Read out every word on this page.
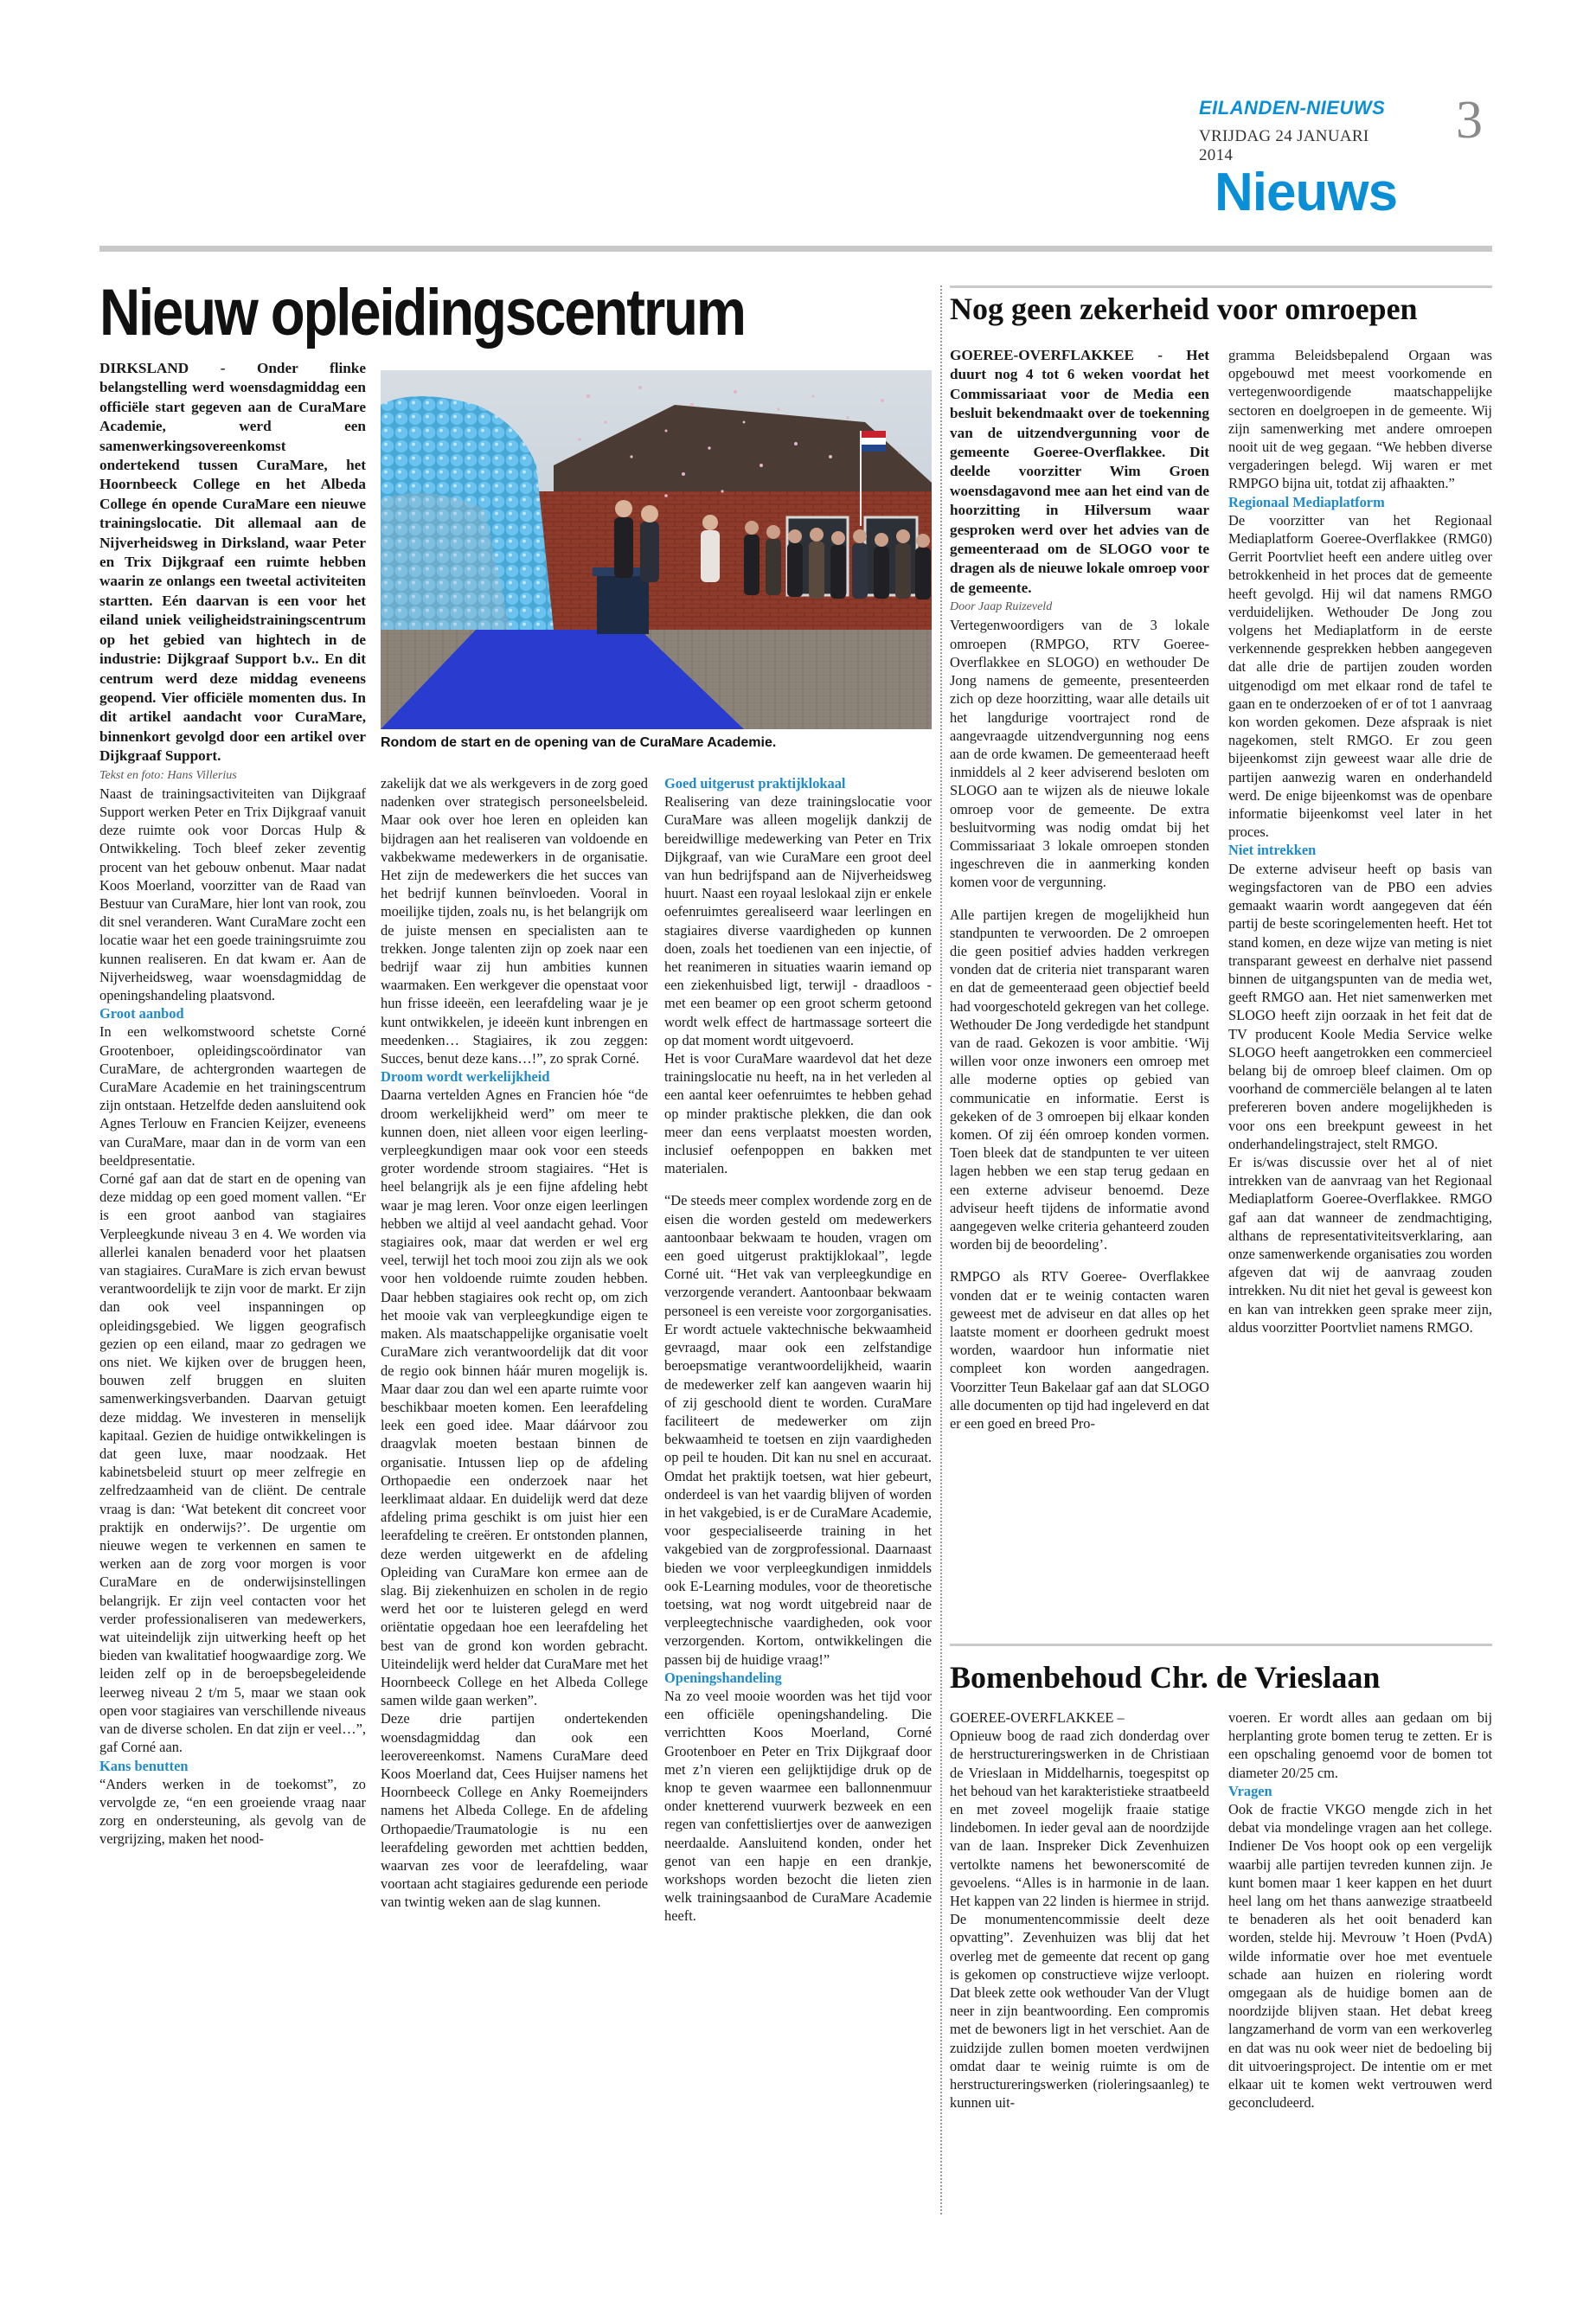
EILANDEN-NIEUWS
VRIJDAG 24 JANUARI 2014
3
Nieuws
Nieuw opleidingscentrum

DIRKSLAND - Onder flinke belangstelling werd woensdagmiddag een officiële start gegeven aan de CuraMare Academie, werd een samenwerkingsovereenkomst ondertekend tussen CuraMare, het Hoornbeeck College en het Albeda College én opende CuraMare een nieuwe trainingslocatie. Dit allemaal aan de Nijverheidsweg in Dirksland, waar Peter en Trix Dijkgraaf een ruimte hebben waarin ze onlangs een tweetal activiteiten startten. Eén daarvan is een voor het eiland uniek veiligheidstrainingscentrum op het gebied van hightech in de industrie: Dijkgraaf Support b.v.. En dit centrum werd deze middag eveneens geopend. Vier officiële momenten dus. In dit artikel aandacht voor CuraMare, binnenkort gevolgd door een artikel over Dijkgraaf Support.

Tekst en foto: Hans Villerius

Naast de trainingsactiviteiten van Dijkgraaf Support werken Peter en Trix Dijkgraaf vanuit deze ruimte ook voor Dorcas Hulp & Ontwikkeling. Toch bleef zeker zeventig procent van het gebouw onbenut. Maar nadat Koos Moerland, voorzitter van de Raad van Bestuur van CuraMare, hier lont van rook, zou dit snel veranderen. Want CuraMare zocht een locatie waar het een goede trainingsruimte zou kunnen realiseren. En dat kwam er. Aan de Nijverheidsweg, waar woensdagmiddag de openingshandeling plaatsvond.

Groot aanbod

In een welkomstwoord schetste Corné Grootenboer, opleidingscoördinator van CuraMare, de achtergronden waartegen de CuraMare Academie en het trainingscentrum zijn ontstaan. Hetzelfde deden aansluitend ook Agnes Terlouw en Francien Keijzer, eveneens van CuraMare, maar dan in de vorm van een beeldpresentatie.

Corné gaf aan dat de start en de opening van deze middag op een goed moment vallen. “Er is een groot aanbod van stagiaires Verpleegkunde niveau 3 en 4. We worden via allerlei kanalen benaderd voor het plaatsen van stagiaires. CuraMare is zich ervan bewust verantwoordelijk te zijn voor de markt. Er zijn dan ook veel inspanningen op opleidingsgebied. We liggen geografisch gezien op een eiland, maar zo gedragen we ons niet. We kijken over de bruggen heen, bouwen zelf bruggen en sluiten samenwerkingsverbanden. Daarvan getuigt deze middag. We investeren in menselijk kapitaal. Gezien de huidige ontwikkelingen is dat geen luxe, maar noodzaak. Het kabinetsbeleid stuurt op meer zelfregie en zelfredzaamheid van de cliënt. De centrale vraag is dan: ‘Wat betekent dit concreet voor praktijk en onderwijs?’. De urgentie om nieuwe wegen te verkennen en samen te werken aan de zorg voor morgen is voor CuraMare en de onderwijsinstellingen belangrijk. Er zijn veel contacten voor het verder professionaliseren van medewerkers, wat uiteindelijk zijn uitwerking heeft op het bieden van kwalitatief hoogwaardige zorg. We leiden zelf op in de beroepsbegeleidende leerweg niveau 2 t/m 5, maar we staan ook open voor stagiaires van verschillende niveaus van de diverse scholen. En dat zijn er veel…”, gaf Corné aan.

Kans benutten

“Anders werken in de toekomst”, zo vervolgde ze, “en een groeiende vraag naar zorg en ondersteuning, als gevolg van de vergrijzing, maken het nood-

Rondom de start en de opening van de CuraMare Academie.

zakelijk dat we als werkgevers in de zorg goed nadenken over strategisch personeelsbeleid. Maar ook over hoe leren en opleiden kan bijdragen aan het realiseren van voldoende en vakbekwame medewerkers in de organisatie. Het zijn de medewerkers die het succes van het bedrijf kunnen beïnvloeden. Vooral in moeilijke tijden, zoals nu, is het belangrijk om de juiste mensen en specialisten aan te trekken. Jonge talenten zijn op zoek naar een bedrijf waar zij hun ambities kunnen waarmaken. Een werkgever die openstaat voor hun frisse ideeën, een leerafdeling waar je je kunt ontwikkelen, je ideeën kunt inbrengen en meedenken… Stagiaires, ik zou zeggen: Succes, benut deze kans…!”, zo sprak Corné.

Droom wordt werkelijkheid

Daarna vertelden Agnes en Francien hóe “de droom werkelijkheid werd” om meer te kunnen doen, niet alleen voor eigen leerling-verpleegkundigen maar ook voor een steeds groter wordende stroom stagiaires. “Het is heel belangrijk als je een fijne afdeling hebt waar je mag leren. Voor onze eigen leerlingen hebben we altijd al veel aandacht gehad. Voor stagiaires ook, maar dat werden er wel erg veel, terwijl het toch mooi zou zijn als we ook voor hen voldoende ruimte zouden hebben. Daar hebben stagiaires ook recht op, om zich het mooie vak van verpleegkundige eigen te maken. Als maatschappelijke organisatie voelt CuraMare zich verantwoordelijk dat dit voor de regio ook binnen háár muren mogelijk is. Maar daar zou dan wel een aparte ruimte voor beschikbaar moeten komen. Een leerafdeling leek een goed idee. Maar dáárvoor zou draagvlak moeten bestaan binnen de organisatie. Intussen liep op de afdeling Orthopaedie een onderzoek naar het leerklimaat aldaar. En duidelijk werd dat deze afdeling prima geschikt is om juist hier een leerafdeling te creëren. Er ontstonden plannen, deze werden uitgewerkt en de afdeling Opleiding van CuraMare kon ermee aan de slag. Bij ziekenhuizen en scholen in de regio werd het oor te luisteren gelegd en werd oriëntatie opgedaan hoe een leerafdeling het best van de grond kon worden gebracht. Uiteindelijk werd helder dat CuraMare met het Hoornbeeck College en het Albeda College samen wilde gaan werken”.

Deze drie partijen ondertekenden woensdagmiddag dan ook een leerovereenkomst. Namens CuraMare deed Koos Moerland dat, Cees Huijser namens het Hoornbeeck College en Anky Roemeijnders namens het Albeda College. En de afdeling Orthopaedie/Traumatologie is nu een leerafdeling geworden met achttien bedden, waarvan zes voor de leerafdeling, waar voortaan acht stagiaires gedurende een periode van twintig weken aan de slag kunnen.

Goed uitgerust praktijklokaal

Realisering van deze trainingslocatie voor CuraMare was alleen mogelijk dankzij de bereidwillige medewerking van Peter en Trix Dijkgraaf, van wie CuraMare een groot deel van hun bedrijfspand aan de Nijverheidsweg huurt. Naast een royaal leslokaal zijn er enkele oefenruimtes gerealiseerd waar leerlingen en stagiaires diverse vaardigheden op kunnen doen, zoals het toedienen van een injectie, of het reanimeren in situaties waarin iemand op een ziekenhuisbed ligt, terwijl - draadloos - met een beamer op een groot scherm getoond wordt welk effect de hartmassage sorteert die op dat moment wordt uitgevoerd.

Het is voor CuraMare waardevol dat het deze trainingslocatie nu heeft, na in het verleden al een aantal keer oefenruimtes te hebben gehad op minder praktische plekken, die dan ook meer dan eens verplaatst moesten worden, inclusief oefenpoppen en bakken met materialen.

“De steeds meer complex wordende zorg en de eisen die worden gesteld om medewerkers aantoonbaar bekwaam te houden, vragen om een goed uitgerust praktijklokaal”, legde Corné uit. “Het vak van verpleegkundige en verzorgende verandert. Aantoonbaar bekwaam personeel is een vereiste voor zorgorganisaties. Er wordt actuele vaktechnische bekwaamheid gevraagd, maar ook een zelfstandige beroepsmatige verantwoordelijkheid, waarin de medewerker zelf kan aangeven waarin hij of zij geschoold dient te worden. CuraMare faciliteert de medewerker om zijn bekwaamheid te toetsen en zijn vaardigheden op peil te houden. Dit kan nu snel en accuraat. Omdat het praktijk toetsen, wat hier gebeurt, onderdeel is van het vaardig blijven of worden in het vakgebied, is er de CuraMare Academie, voor gespecialiseerde training in het vakgebied van de zorgprofessional. Daarnaast bieden we voor verpleegkundigen inmiddels ook E-Learning modules, voor de theoretische toetsing, wat nog wordt uitgebreid naar de verpleegtechnische vaardigheden, ook voor verzorgenden. Kortom, ontwikkelingen die passen bij de huidige vraag!”

Openingshandeling

Na zo veel mooie woorden was het tijd voor een officiële openingshandeling. Die verrichtten Koos Moerland, Corné Grootenboer en Peter en Trix Dijkgraaf door met z’n vieren een gelijktijdige druk op de knop te geven waarmee een ballonnenmuur onder knetterend vuurwerk bezweek en een regen van confettisliertjes over de aanwezigen neerdaalde. Aansluitend konden, onder het genot van een hapje en een drankje, workshops worden bezocht die lieten zien welk trainingsaanbod de CuraMare Academie heeft.

Nog geen zekerheid voor omroepen

GOEREE-OVERFLAKKEE - Het duurt nog 4 tot 6 weken voordat het Commissariaat voor de Media een besluit bekendmaakt over de toekenning van de uitzendvergunning voor de gemeente Goeree-Overflakkee. Dit deelde voorzitter Wim Groen woensdagavond mee aan het eind van de hoorzitting in Hilversum waar gesproken werd over het advies van de gemeenteraad om de SLOGO voor te dragen als de nieuwe lokale omroep voor de gemeente.

Door Jaap Ruizeveld

Vertegenwoordigers van de 3 lokale omroepen (RMPGO, RTV Goeree-Overflakkee en SLOGO) en wethouder De Jong namens de gemeente, presenteerden zich op deze hoorzitting, waar alle details uit het langdurige voortraject rond de aangevraagde uitzendvergunning nog eens aan de orde kwamen. De gemeenteraad heeft inmiddels al 2 keer adviserend besloten om SLOGO aan te wijzen als de nieuwe lokale omroep voor de gemeente. De extra besluitvorming was nodig omdat bij het Commissariaat 3 lokale omroepen stonden ingeschreven die in aanmerking konden komen voor de vergunning.

Alle partijen kregen de mogelijkheid hun standpunten te verwoorden. De 2 omroepen die geen positief advies hadden verkregen vonden dat de criteria niet transparant waren en dat de gemeenteraad geen objectief beeld had voorgeschoteld gekregen van het college. Wethouder De Jong verdedigde het standpunt van de raad. Gekozen is voor ambitie. ‘Wij willen voor onze inwoners een omroep met alle moderne opties op gebied van communicatie en informatie. Eerst is gekeken of de 3 omroepen bij elkaar konden komen. Of zij één omroep konden vormen. Toen bleek dat de standpunten te ver uiteen lagen hebben we een stap terug gedaan en een externe adviseur benoemd. Deze adviseur heeft tijdens de informatie avond aangegeven welke criteria gehanteerd zouden worden bij de beoordeling’.

RMPGO als RTV Goeree- Overflakkee vonden dat er te weinig contacten waren geweest met de adviseur en dat alles op het laatste moment er doorheen gedrukt moest worden, waardoor hun informatie niet compleet kon worden aangedragen. Voorzitter Teun Bakelaar gaf aan dat SLOGO alle documenten op tijd had ingeleverd en dat er een goed en breed Pro-

gramma Beleidsbepalend Orgaan was opgebouwd met meest voorkomende en vertegenwoordigende maatschappelijke sectoren en doelgroepen in de gemeente. Wij zijn samenwerking met andere omroepen nooit uit de weg gegaan. “We hebben diverse vergaderingen belegd. Wij waren er met RMPGO bijna uit, totdat zij afhaakten.”

Regionaal Mediaplatform

De voorzitter van het Regionaal Mediaplatform Goeree-Overflakkee (RMG0) Gerrit Poortvliet heeft een andere uitleg over betrokkenheid in het proces dat de gemeente heeft gevolgd. Hij wil dat namens RMGO verduidelijken. Wethouder De Jong zou volgens het Mediaplatform in de eerste verkennende gesprekken hebben aangegeven dat alle drie de partijen zouden worden uitgenodigd om met elkaar rond de tafel te gaan en te onderzoeken of er of tot 1 aanvraag kon worden gekomen. Deze afspraak is niet nagekomen, stelt RMGO. Er zou geen bijeenkomst zijn geweest waar alle drie de partijen aanwezig waren en onderhandeld werd. De enige bijeenkomst was de openbare informatie bijeenkomst veel later in het proces.

Niet intrekken

De externe adviseur heeft op basis van wegingsfactoren van de PBO een advies gemaakt waarin wordt aangegeven dat één partij de beste scoringelementen heeft. Het tot stand komen, en deze wijze van meting is niet transparant geweest en derhalve niet passend binnen de uitgangspunten van de media wet, geeft RMGO aan. Het niet samenwerken met SLOGO heeft zijn oorzaak in het feit dat de TV producent Koole Media Service welke SLOGO heeft aangetrokken een commercieel belang bij de omroep bleef claimen. Om op voorhand de commerciële belangen al te laten prefereren boven andere mogelijkheden is voor ons een breekpunt geweest in het onderhandelingstraject, stelt RMGO.

Er is/was discussie over het al of niet intrekken van de aanvraag van het Regionaal Mediaplatform Goeree-Overflakkee. RMGO gaf aan dat wanneer de zendmachtiging, althans de representativiteitsverklaring, aan onze samenwerkende organisaties zou worden afgeven dat wij de aanvraag zouden intrekken. Nu dit niet het geval is geweest kon en kan van intrekken geen sprake meer zijn, aldus voorzitter Poortvliet namens RMGO.

Bomenbehoud Chr. de Vrieslaan

GOEREE-OVERFLAKKEE –

Opnieuw boog de raad zich donderdag over de herstructureringswerken in de Christiaan de Vrieslaan in Middelharnis, toegespitst op het behoud van het karakteristieke straatbeeld en met zoveel mogelijk fraaie statige lindebomen. In ieder geval aan de noordzijde van de laan. Inspreker Dick Zevenhuizen vertolkte namens het bewonerscomité de gevoelens. “Alles is in harmonie in de laan. Het kappen van 22 linden is hiermee in strijd. De monumentencommissie deelt deze opvatting”. Zevenhuizen was blij dat het overleg met de gemeente dat recent op gang is gekomen op constructieve wijze verloopt. Dat bleek zette ook wethouder Van der Vlugt neer in zijn beantwoording. Een compromis met de bewoners ligt in het verschiet. Aan de zuidzijde zullen bomen moeten verdwijnen omdat daar te weinig ruimte is om de herstructureringswerken (rioleringsaanleg) te kunnen uit-

voeren. Er wordt alles aan gedaan om bij herplanting grote bomen terug te zetten. Er is een opschaling genoemd voor de bomen tot diameter 20/25 cm.

Vragen

Ook de fractie VKGO mengde zich in het debat via mondelinge vragen aan het college. Indiener De Vos hoopt ook op een vergelijk waarbij alle partijen tevreden kunnen zijn. Je kunt bomen maar 1 keer kappen en het duurt heel lang om het thans aanwezige straatbeeld te benaderen als het ooit benaderd kan worden, stelde hij. Mevrouw ’t Hoen (PvdA) wilde informatie over hoe met eventuele schade aan huizen en riolering wordt omgegaan als de huidige bomen aan de noordzijde blijven staan. Het debat kreeg langzamerhand de vorm van een werkoverleg en dat was nu ook weer niet de bedoeling bij dit uitvoeringsproject. De intentie om er met elkaar uit te komen wekt vertrouwen werd geconcludeerd.
